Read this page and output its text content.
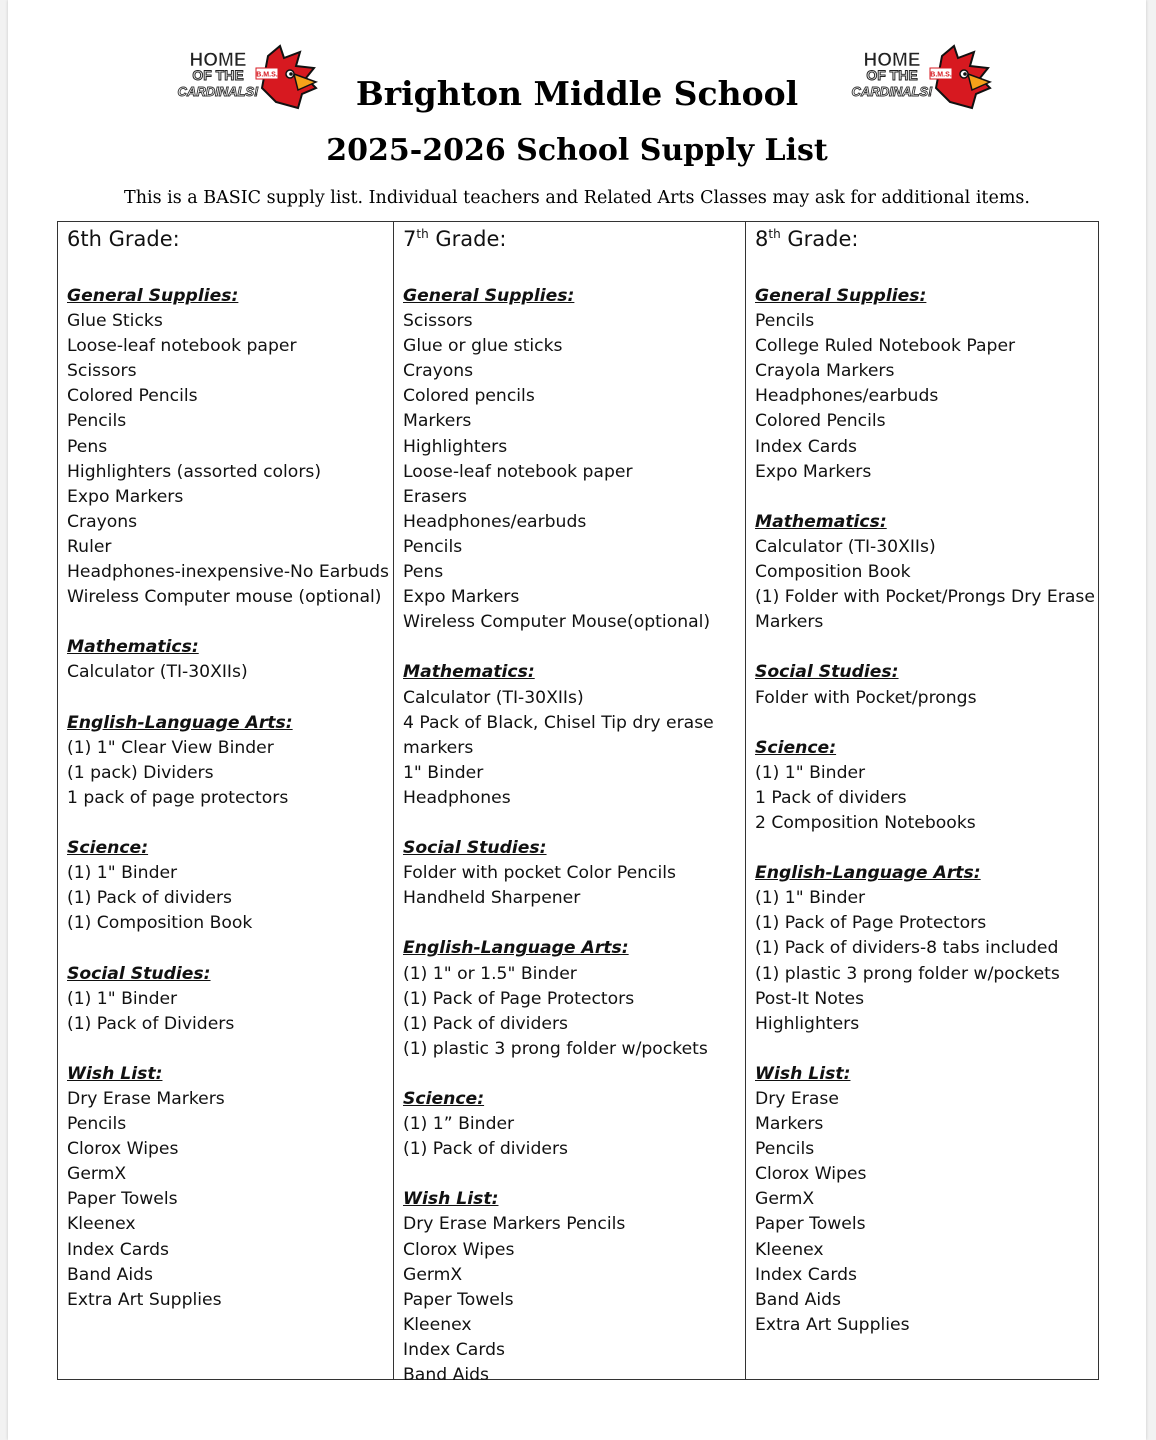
HOME
OF THE
CARDINALS!
B.M.S.
HOME
OF THE
CARDINALS!
B.M.S.
Brighton Middle School
2025-2026 School Supply List
This is a BASIC supply list. Individual teachers and Related Arts Classes may ask for additional items.
6th Grade:
General Supplies:
Glue Sticks
Loose-leaf notebook paper
Scissors
Colored Pencils
Pencils
Pens
Highlighters (assorted colors)
Expo Markers
Crayons
Ruler
Headphones-inexpensive-No Earbuds
Wireless Computer mouse (optional)
Mathematics:
Calculator (TI-30XIIs)
English-Language Arts:
(1) 1" Clear View Binder
(1 pack) Dividers
1 pack of page protectors
Science:
(1) 1" Binder
(1) Pack of dividers
(1) Composition Book
Social Studies:
(1) 1" Binder
(1) Pack of Dividers
Wish List:
Dry Erase Markers
Pencils
Clorox Wipes
GermX
Paper Towels
Kleenex
Index Cards
Band Aids
Extra Art Supplies
7th Grade:
General Supplies:
Scissors
Glue or glue sticks
Crayons
Colored pencils
Markers
Highlighters
Loose-leaf notebook paper
Erasers
Headphones/earbuds
Pencils
Pens
Expo Markers
Wireless Computer Mouse(optional)
Mathematics:
Calculator (TI-30XIIs)
4 Pack of Black, Chisel Tip dry erase
markers
1" Binder
Headphones
Social Studies:
Folder with pocket Color Pencils
Handheld Sharpener
English-Language Arts:
(1) 1" or 1.5" Binder
(1) Pack of Page Protectors
(1) Pack of dividers
(1) plastic 3 prong folder w/pockets
Science:
(1) 1” Binder
(1) Pack of dividers
Wish List:
Dry Erase Markers Pencils
Clorox Wipes
GermX
Paper Towels
Kleenex
Index Cards
Band Aids
8th Grade:
General Supplies:
Pencils
College Ruled Notebook Paper
Crayola Markers
Headphones/earbuds
Colored Pencils
Index Cards
Expo Markers
Mathematics:
Calculator (TI-30XIIs)
Composition Book
(1) Folder with Pocket/Prongs Dry Erase
Markers
Social Studies:
Folder with Pocket/prongs
Science:
(1) 1" Binder
1 Pack of dividers
2 Composition Notebooks
English-Language Arts:
(1) 1" Binder
(1) Pack of Page Protectors
(1) Pack of dividers-8 tabs included
(1) plastic 3 prong folder w/pockets
Post-It Notes
Highlighters
Wish List:
Dry Erase
Markers
Pencils
Clorox Wipes
GermX
Paper Towels
Kleenex
Index Cards
Band Aids
Extra Art Supplies
